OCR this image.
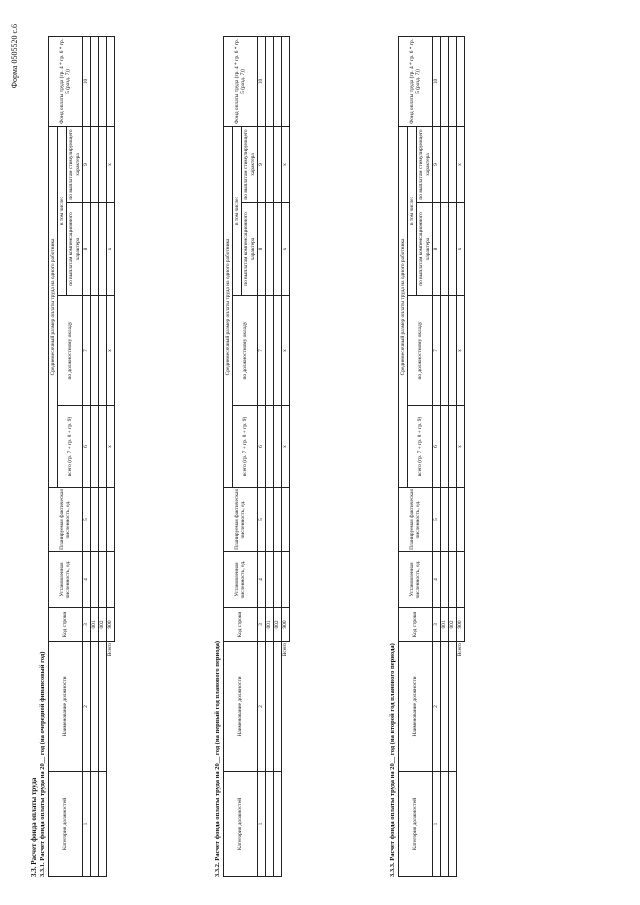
Форма 0505520 с.6
3.3. Расчет фонда оплаты труда 3.3.1. Расчет фонда оплаты труда на 20__ год (на очередной финансовый год)	Категория должностей	Наименование должности	Код строки	Установленная численность, ед.	Планируемая фактическая численность, ед.	Среднемесячный размер оплаты труда на одного работника				Фонд оплаты труда (гр. 4 * гр. 6 * гр. 5 (разд. 7))
					всего (гр. 7 + гр. 8 + гр. 9)	по должностному окладу	в том числе:		
							по выплатам компенсационного характера	по выплатам стимулирующего характера	
1	2	3	4	5	6	7	8	9	10
		001							
		002							
Всего		900			x	x	x	x	
3.3.2. Расчет фонда оплаты труда на 20__ год (на первый год планового периода)	Категория должностей	Наименование должности	Код строки	Установленная численность, ед.	Планируемая фактическая численность, ед.	Среднемесячный размер оплаты труда на одного работника				Фонд оплаты труда (гр. 4 * гр. 6 * гр. 5 (разд. 7))
					всего (гр. 7 + гр. 8 + гр. 9)	по должностному окладу	в том числе:		
							по выплатам компенсационного характера	по выплатам стимулирующего характера	
1	2	3	4	5	6	7	8	9	10
		001							
		002							
Всего		900			x	x	x	x	
3.3.3. Расчет фонда оплаты труда на 20__ год (на второй год планового периода)	Категория должностей	Наименование должности	Код строки	Установленная численность, ед.	Планируемая фактическая численность, ед.	Среднемесячный размер оплаты труда на одного работника				Фонд оплаты труда (гр. 4 * гр. 6 * гр. 5 (разд. 7))
					всего (гр. 7 + гр. 8 + гр. 9)	по должностному окладу	в том числе:		
							по выплатам компенсационного характера	по выплатам стимулирующего характера	
1	2	3	4	5	6	7	8	9	10
		001							
		002							
Всего		900			x	x	x	x	
